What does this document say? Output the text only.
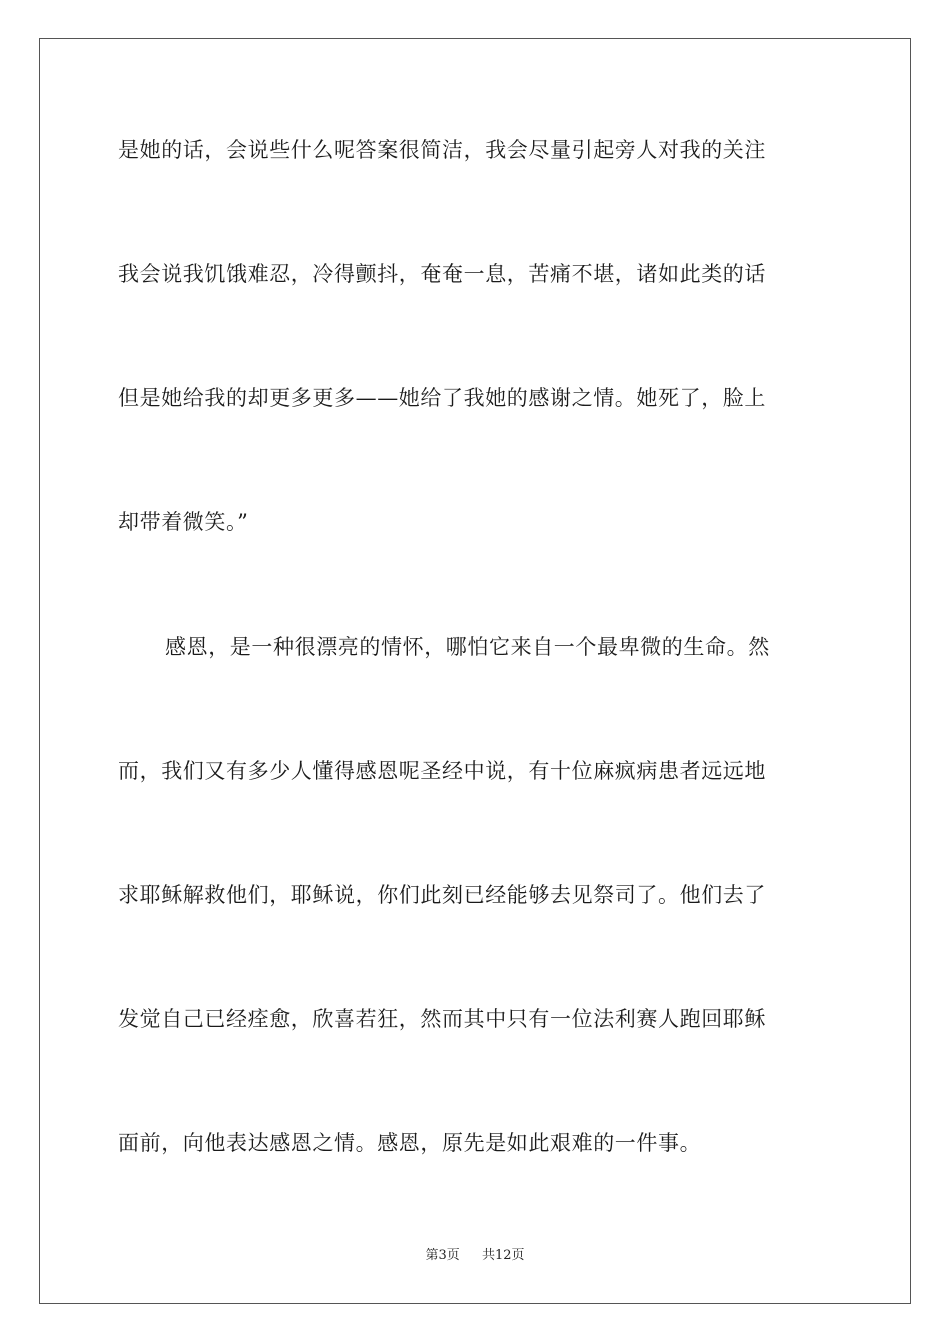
是她的话，会说些什么呢答案很简洁，我会尽量引起旁人对我的关注
我会说我饥饿难忍，冷得颤抖，奄奄一息，苦痛不堪，诸如此类的话
但是她给我的却更多更多——她给了我她的感谢之情。她死了，脸上
却带着微笑。”
感恩，是一种很漂亮的情怀，哪怕它来自一个最卑微的生命。然
而，我们又有多少人懂得感恩呢圣经中说，有十位麻疯病患者远远地
求耶稣解救他们，耶稣说，你们此刻已经能够去见祭司了。他们去了
发觉自己已经痊愈，欣喜若狂，然而其中只有一位法利赛人跑回耶稣
面前，向他表达感恩之情。感恩，原先是如此艰难的一件事。
第3页 共12页
